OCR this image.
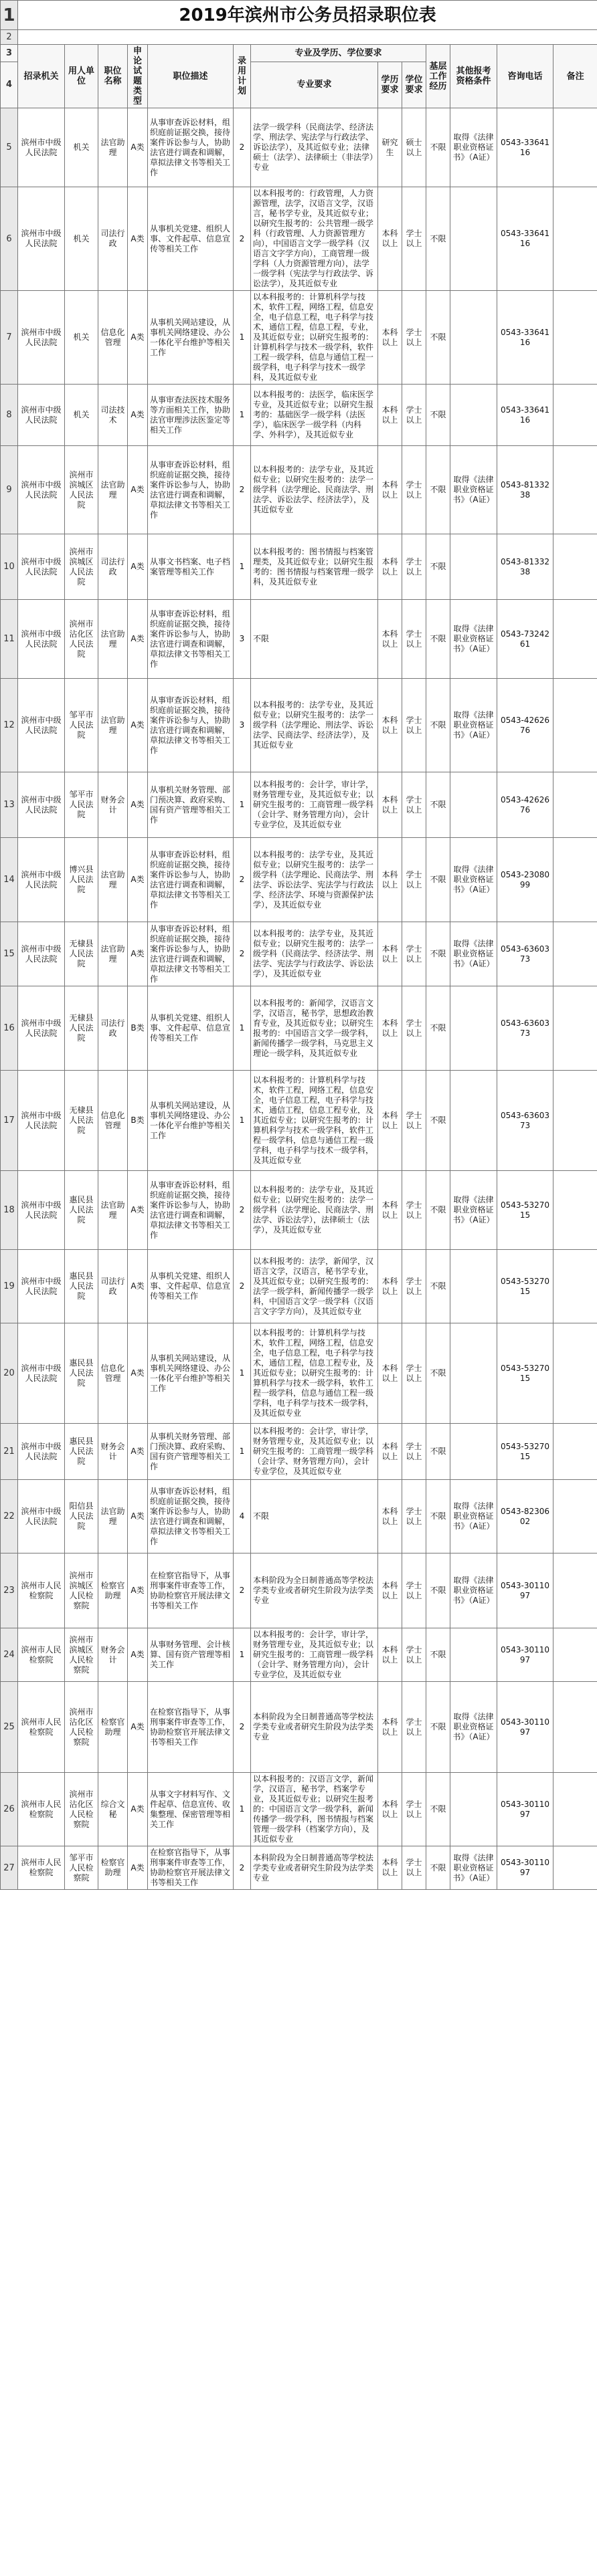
1	2019年滨州市公务员招录职位表												
2													
3	招录机关	用人单位	职位名称	申论试题类型	职位描述	录用计划	专业及学历、学位要求			基层工作经历	其他报考资格条件	咨询电话	备注
4							专业要求	学历要求	学位要求				
5	滨州市中级人民法院	机关	法官助理	A类	从事审查诉讼材料，组织庭前证据交换，接待案件诉讼参与人，协助法官进行调查和调解，草拟法律文书等相关工作	2	法学一级学科（民商法学、经济法学、刑法学、宪法学与行政法学、诉讼法学），及其近似专业；法律硕士（法学）、法律硕士（非法学）专业	研究生	硕士以上	不限	取得《法律职业资格证书》（A证）	0543-3364116	
6	滨州市中级人民法院	机关	司法行政	A类	从事机关党建、组织人事、文件起草、信息宣传等相关工作	2	以本科报考的：行政管理，人力资源管理，法学，汉语言文学，汉语言，秘书学专业，及其近似专业；以研究生报考的：公共管理一级学科（行政管理、人力资源管理方向），中国语言文学一级学科（汉语言文字学方向），工商管理一级学科（人力资源管理方向），法学一级学科（宪法学与行政法学、诉讼法学），及其近似专业	本科以上	学士以上	不限		0543-3364116	
7	滨州市中级人民法院	机关	信息化管理	A类	从事机关网站建设，从事机关网络建设、办公一体化平台维护等相关工作	1	以本科报考的：计算机科学与技术，软件工程，网络工程，信息安全，电子信息工程，电子科学与技术，通信工程，信息工程，专业，及其近似专业；以研究生报考的：计算机科学与技术一级学科，软件工程一级学科，信息与通信工程一级学科，电子科学与技术一级学科，及其近似专业	本科以上	学士以上	不限		0543-3364116	
8	滨州市中级人民法院	机关	司法技术	A类	从事审查法医技术服务等方面相关工作，协助法官审理涉法医鉴定等相关工作	1	以本科报考的：法医学，临床医学专业，及其近似专业；以研究生报考的：基础医学一级学科（法医学），临床医学一级学科（内科学、外科学），及其近似专业	本科以上	学士以上	不限		0543-3364116	
9	滨州市中级人民法院	滨州市滨城区人民法院	法官助理	A类	从事审查诉讼材料，组织庭前证据交换，接待案件诉讼参与人，协助法官进行调查和调解，草拟法律文书等相关工作	2	以本科报考的：法学专业，及其近似专业；以研究生报考的：法学一级学科（法学理论、民商法学、刑法学、诉讼法学、经济法学），及其近似专业	本科以上	学士以上	不限	取得《法律职业资格证书》（A证）	0543-8133238	
10	滨州市中级人民法院	滨州市滨城区人民法院	司法行政	A类	从事文书档案、电子档案管理等相关工作	1	以本科报考的：图书情报与档案管理类，及其近似专业；以研究生报考的：图书情报与档案管理一级学科，及其近似专业	本科以上	学士以上	不限		0543-8133238	
11	滨州市中级人民法院	滨州市沾化区人民法院	法官助理	A类	从事审查诉讼材料，组织庭前证据交换，接待案件诉讼参与人，协助法官进行调查和调解，草拟法律文书等相关工作	3	不限	本科以上	学士以上	不限	取得《法律职业资格证书》（A证）	0543-7324261	
12	滨州市中级人民法院	邹平市人民法院	法官助理	A类	从事审查诉讼材料，组织庭前证据交换，接待案件诉讼参与人，协助法官进行调查和调解，草拟法律文书等相关工作	3	以本科报考的：法学专业，及其近似专业；以研究生报考的：法学一级学科（法学理论、刑法学、诉讼法学、民商法学、经济法学），及其近似专业	本科以上	学士以上	不限	取得《法律职业资格证书》（A证）	0543-4262676	
13	滨州市中级人民法院	邹平市人民法院	财务会计	A类	从事机关财务管理、部门预决算、政府采购、国有资产管理等相关工作	1	以本科报考的：会计学，审计学，财务管理专业，及其近似专业；以研究生报考的：工商管理一级学科（会计学、财务管理方向），会计专业学位，及其近似专业	本科以上	学士以上	不限		0543-4262676	
14	滨州市中级人民法院	博兴县人民法院	法官助理	A类	从事审查诉讼材料，组织庭前证据交换，接待案件诉讼参与人，协助法官进行调查和调解，草拟法律文书等相关工作	2	以本科报考的：法学专业，及其近似专业；以研究生报考的：法学一级学科（法学理论、民商法学、刑法学、诉讼法学、宪法学与行政法学、经济法学、环境与资源保护法学），及其近似专业	本科以上	学士以上	不限	取得《法律职业资格证书》（A证）	0543-2308099	
15	滨州市中级人民法院	无棣县人民法院	法官助理	A类	从事审查诉讼材料，组织庭前证据交换，接待案件诉讼参与人，协助法官进行调查和调解，草拟法律文书等相关工作	2	以本科报考的：法学专业，及其近似专业；以研究生报考的：法学一级学科（民商法学、经济法学、刑法学、宪法学与行政法学、诉讼法学），及其近似专业	本科以上	学士以上	不限	取得《法律职业资格证书》（A证）	0543-6360373	
16	滨州市中级人民法院	无棣县人民法院	司法行政	B类	从事机关党建、组织人事、文件起草、信息宣传等相关工作	1	以本科报考的：新闻学，汉语言文学，汉语言，秘书学，思想政治教育专业，及其近似专业；以研究生报考的：中国语言文学一级学科，新闻传播学一级学科，马克思主义理论一级学科，及其近似专业	本科以上	学士以上	不限		0543-6360373	
17	滨州市中级人民法院	无棣县人民法院	信息化管理	B类	从事机关网站建设，从事机关网络建设、办公一体化平台维护等相关工作	1	以本科报考的：计算机科学与技术，软件工程，网络工程，信息安全，电子信息工程，电子科学与技术，通信工程，信息工程专业，及其近似专业；以研究生报考的：计算机科学与技术一级学科，软件工程一级学科，信息与通信工程一级学科，电子科学与技术一级学科，及其近似专业	本科以上	学士以上	不限		0543-6360373	
18	滨州市中级人民法院	惠民县人民法院	法官助理	A类	从事审查诉讼材料，组织庭前证据交换，接待案件诉讼参与人，协助法官进行调查和调解，草拟法律文书等相关工作	2	以本科报考的：法学专业，及其近似专业；以研究生报考的：法学一级学科（法学理论、民商法学、刑法学、诉讼法学），法律硕士（法学），及其近似专业	本科以上	学士以上	不限	取得《法律职业资格证书》（A证）	0543-5327015	
19	滨州市中级人民法院	惠民县人民法院	司法行政	A类	从事机关党建、组织人事、文件起草、信息宣传等相关工作	2	以本科报考的：法学，新闻学，汉语言文学，汉语言，秘书学专业，及其近似专业；以研究生报考的：法学一级学科，新闻传播学一级学科，中国语言文学一级学科（汉语言文字学方向），及其近似专业	本科以上	学士以上	不限		0543-5327015	
20	滨州市中级人民法院	惠民县人民法院	信息化管理	A类	从事机关网站建设，从事机关网络建设、办公一体化平台维护等相关工作	1	以本科报考的：计算机科学与技术，软件工程，网络工程，信息安全，电子信息工程，电子科学与技术，通信工程，信息工程专业，及其近似专业；以研究生报考的：计算机科学与技术一级学科，软件工程一级学科，信息与通信工程一级学科，电子科学与技术一级学科，及其近似专业	本科以上	学士以上	不限		0543-5327015	
21	滨州市中级人民法院	惠民县人民法院	财务会计	A类	从事机关财务管理、部门预决算、政府采购、国有资产管理等相关工作	1	以本科报考的：会计学，审计学，财务管理专业，及其近似专业；以研究生报考的：工商管理一级学科（会计学、财务管理方向），会计专业学位，及其近似专业	本科以上	学士以上	不限		0543-5327015	
22	滨州市中级人民法院	阳信县人民法院	法官助理	A类	从事审查诉讼材料，组织庭前证据交换，接待案件诉讼参与人，协助法官进行调查和调解，草拟法律文书等相关工作	4	不限	本科以上	学士以上	不限	取得《法律职业资格证书》（A证）	0543-8230602	
23	滨州市人民检察院	滨州市滨城区人民检察院	检察官助理	A类	在检察官指导下，从事刑事案件审查等工作，协助检察官开展法律文书等相关工作	2	本科阶段为全日制普通高等学校法学类专业或者研究生阶段为法学类专业	本科以上	学士以上	不限	取得《法律职业资格证书》（A证）	0543-3011097	
24	滨州市人民检察院	滨州市滨城区人民检察院	财务会计	A类	从事财务管理、会计核算、国有资产管理等相关工作	1	以本科报考的：会计学，审计学，财务管理专业，及其近似专业；以研究生报考的：工商管理一级学科（会计学、财务管理方向），会计专业学位，及其近似专业	本科以上	学士以上	不限		0543-3011097	
25	滨州市人民检察院	滨州市沾化区人民检察院	检察官助理	A类	在检察官指导下，从事刑事案件审查等工作，协助检察官开展法律文书等相关工作	2	本科阶段为全日制普通高等学校法学类专业或者研究生阶段为法学类专业	本科以上	学士以上	不限	取得《法律职业资格证书》（A证）	0543-3011097	
26	滨州市人民检察院	滨州市沾化区人民检察院	综合文秘	A类	从事文字材料写作、文件起草、信息宣传、收集整理、保密管理等相关工作	1	以本科报考的：汉语言文学，新闻学，汉语言，秘书学，档案学专业，及其近似专业；以研究生报考的：中国语言文学一级学科，新闻传播学一级学科，图书情报与档案管理一级学科（档案学方向），及其近似专业	本科以上	学士以上	不限		0543-3011097	
27	滨州市人民检察院	邹平市人民检察院	检察官助理	A类	在检察官指导下，从事刑事案件审查等工作，协助检察官开展法律文书等相关工作	2	本科阶段为全日制普通高等学校法学类专业或者研究生阶段为法学类专业	本科以上	学士以上	不限	取得《法律职业资格证书》（A证）	0543-3011097	
